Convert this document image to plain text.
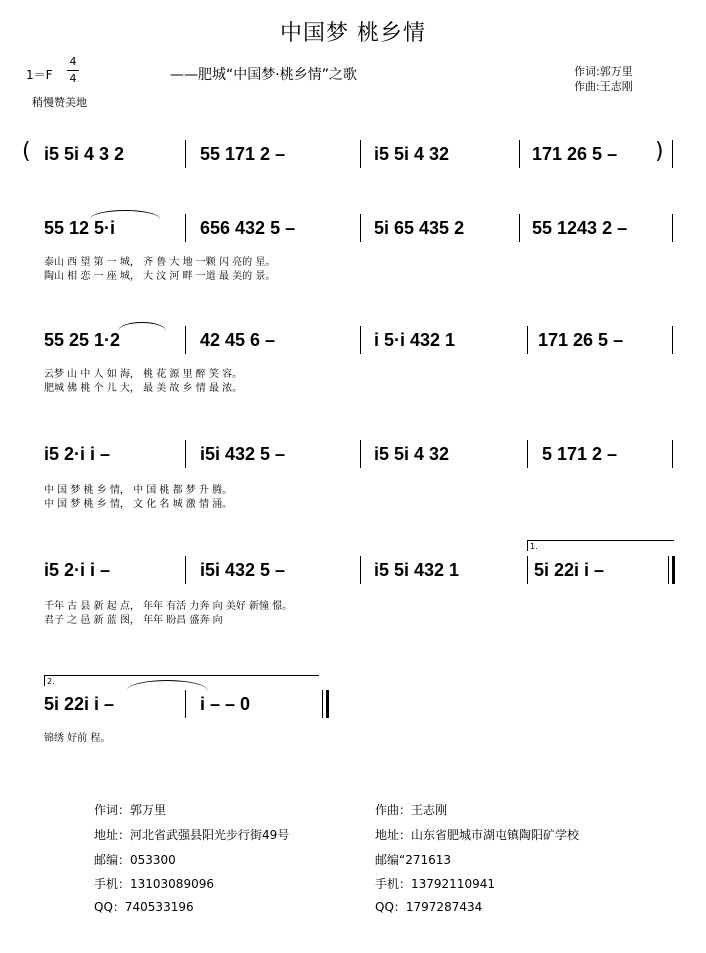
中国梦 桃乡情
1＝F
4
4
稍慢赞美地
——肥城“中国梦·桃乡情”之歌	作词:郭万里
作曲:王志刚
( i5 5i 4 3 2	55 171 2 –	i5 5i 4 32	171 26 5 – )
55 12 5·i	656 432 5 –	5i 65 435 2	55 1243 2 –
泰山 西 望 第 一 城， 齐 鲁 大 地 一颗 闪 亮的 星。
陶山 相 恋 一 座 城， 大 汶 河 畔 一道 最 美的 景。
55 25 1·2	42 45 6 –	i 5·i 432 1	171 26 5 –
云梦 山 中 人 如 海， 桃 花 源 里 醉 笑 容。
肥城 佛 桃 个 儿 大， 最 美 故 乡 情 最 浓。
i5 2·i i –	i5i 432 5 –	i5 5i 4 32	5 171 2 –
中 国 梦 桃 乡 情， 中 国 桃 都 梦 升 腾。
中 国 梦 桃 乡 情， 文 化 名 城 激 情 涌。
1.
i5 2·i i –	i5i 432 5 –	i5 5i 432 1	5i 22i i –
千年 古 县 新 起 点， 年年 有活 力奔 向 美好 新憧 憬。
君子 之 邑 新 蓝 图， 年年 盼昌 盛奔 向
2.
5i 22i i –	i – – 0
锦绣 好前 程。
作词：郭万里
地址：河北省武强县阳光步行街49号
邮编：053300
手机：13103089096
QQ：740533196
作曲：王志刚
地址：山东省肥城市湖屯镇陶阳矿学校
邮编“271613
手机：13792110941
QQ：1797287434
